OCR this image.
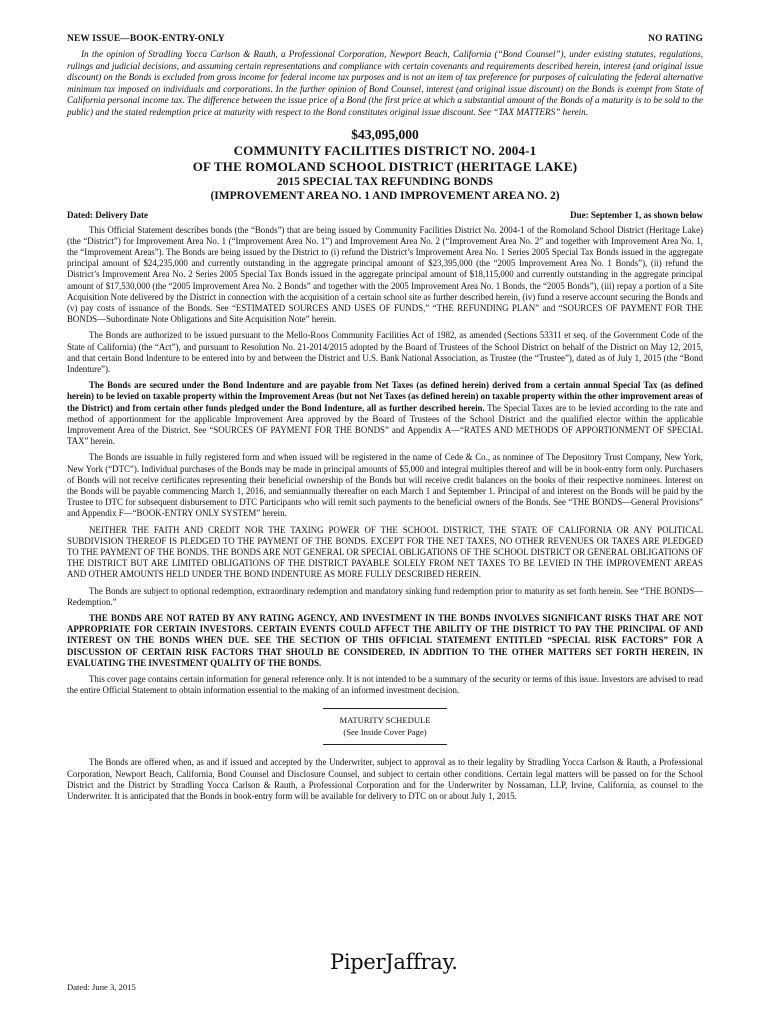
NEW ISSUE—BOOK-ENTRY-ONLY	NO RATING
In the opinion of Stradling Yocca Carlson & Rauth, a Professional Corporation, Newport Beach, California (“Bond Counsel”), under existing statutes, regulations, rulings and judicial decisions, and assuming certain representations and compliance with certain covenants and requirements described herein, interest (and original issue discount) on the Bonds is excluded from gross income for federal income tax purposes and is not an item of tax preference for purposes of calculating the federal alternative minimum tax imposed on individuals and corporations. In the further opinion of Bond Counsel, interest (and original issue discount) on the Bonds is exempt from State of California personal income tax. The difference between the issue price of a Bond (the first price at which a substantial amount of the Bonds of a maturity is to be sold to the public) and the stated redemption price at maturity with respect to the Bond constitutes original issue discount. See “TAX MATTERS” herein.
$43,095,000
COMMUNITY FACILITIES DISTRICT NO. 2004-1
OF THE ROMOLAND SCHOOL DISTRICT (HERITAGE LAKE)
2015 SPECIAL TAX REFUNDING BONDS
(IMPROVEMENT AREA NO. 1 AND IMPROVEMENT AREA NO. 2)
Dated: Delivery Date	Due: September 1, as shown below

This Official Statement describes bonds (the “Bonds”) that are being issued by Community Facilities District No. 2004-1 of the Romoland School District (Heritage Lake) (the “District”) for Improvement Area No. 1 (“Improvement Area No. 1”) and Improvement Area No. 2 (“Improvement Area No. 2” and together with Improvement Area No. 1, the “Improvement Areas”). The Bonds are being issued by the District to (i) refund the District’s Improvement Area No. 1 Series 2005 Special Tax Bonds issued in the aggregate principal amount of $24,235,000 and currently outstanding in the aggregate principal amount of $23,395,000 (the “2005 Improvement Area No. 1 Bonds”), (ii) refund the District’s Improvement Area No. 2 Series 2005 Special Tax Bonds issued in the aggregate principal amount of $18,115,000 and currently outstanding in the aggregate principal amount of $17,530,000 (the “2005 Improvement Area No. 2 Bonds” and together with the 2005 Improvement Area No. 1 Bonds, the “2005 Bonds”), (iii) repay a portion of a Site Acquisition Note delivered by the District in connection with the acquisition of a certain school site as further described herein, (iv) fund a reserve account securing the Bonds and (v) pay costs of issuance of the Bonds. See “ESTIMATED SOURCES AND USES OF FUNDS,” “THE REFUNDING PLAN” and “SOURCES OF PAYMENT FOR THE BONDS—Subordinate Note Obligations and Site Acquisition Note” herein.

The Bonds are authorized to be issued pursuant to the Mello-Roos Community Facilities Act of 1982, as amended (Sections 53311 et seq. of the Government Code of the State of California) (the “Act”), and pursuant to Resolution No. 21-2014/2015 adopted by the Board of Trustees of the School District on behalf of the District on May 12, 2015, and that certain Bond Indenture to be entered into by and between the District and U.S. Bank National Association, as Trustee (the “Trustee”), dated as of July 1, 2015 (the “Bond Indenture”).

The Bonds are secured under the Bond Indenture and are payable from Net Taxes (as defined herein) derived from a certain annual Special Tax (as defined herein) to be levied on taxable property within the Improvement Areas (but not Net Taxes (as defined herein) on taxable property within the other improvement areas of the District) and from certain other funds pledged under the Bond Indenture, all as further described herein. The Special Taxes are to be levied according to the rate and method of apportionment for the applicable Improvement Area approved by the Board of Trustees of the School District and the qualified elector within the applicable Improvement Area of the District. See “SOURCES OF PAYMENT FOR THE BONDS” and Appendix A—“RATES AND METHODS OF APPORTIONMENT OF SPECIAL TAX” herein.

The Bonds are issuable in fully registered form and when issued will be registered in the name of Cede & Co., as nominee of The Depository Trust Company, New York, New York (“DTC”). Individual purchases of the Bonds may be made in principal amounts of $5,000 and integral multiples thereof and will be in book-entry form only. Purchasers of Bonds will not receive certificates representing their beneficial ownership of the Bonds but will receive credit balances on the books of their respective nominees. Interest on the Bonds will be payable commencing March 1, 2016, and semiannually thereafter on each March 1 and September 1. Principal of and interest on the Bonds will be paid by the Trustee to DTC for subsequent disbursement to DTC Participants who will remit such payments to the beneficial owners of the Bonds. See “THE BONDS—General Provisions” and Appendix F—“BOOK-ENTRY ONLY SYSTEM” herein.

NEITHER THE FAITH AND CREDIT NOR THE TAXING POWER OF THE SCHOOL DISTRICT, THE STATE OF CALIFORNIA OR ANY POLITICAL SUBDIVISION THEREOF IS PLEDGED TO THE PAYMENT OF THE BONDS. EXCEPT FOR THE NET TAXES, NO OTHER REVENUES OR TAXES ARE PLEDGED TO THE PAYMENT OF THE BONDS. THE BONDS ARE NOT GENERAL OR SPECIAL OBLIGATIONS OF THE SCHOOL DISTRICT OR GENERAL OBLIGATIONS OF THE DISTRICT BUT ARE LIMITED OBLIGATIONS OF THE DISTRICT PAYABLE SOLELY FROM NET TAXES TO BE LEVIED IN THE IMPROVEMENT AREAS AND OTHER AMOUNTS HELD UNDER THE BOND INDENTURE AS MORE FULLY DESCRIBED HEREIN.

The Bonds are subject to optional redemption, extraordinary redemption and mandatory sinking fund redemption prior to maturity as set forth herein. See “THE BONDS—Redemption.”

THE BONDS ARE NOT RATED BY ANY RATING AGENCY, AND INVESTMENT IN THE BONDS INVOLVES SIGNIFICANT RISKS THAT ARE NOT APPROPRIATE FOR CERTAIN INVESTORS. CERTAIN EVENTS COULD AFFECT THE ABILITY OF THE DISTRICT TO PAY THE PRINCIPAL OF AND INTEREST ON THE BONDS WHEN DUE. SEE THE SECTION OF THIS OFFICIAL STATEMENT ENTITLED “SPECIAL RISK FACTORS” FOR A DISCUSSION OF CERTAIN RISK FACTORS THAT SHOULD BE CONSIDERED, IN ADDITION TO THE OTHER MATTERS SET FORTH HEREIN, IN EVALUATING THE INVESTMENT QUALITY OF THE BONDS.

This cover page contains certain information for general reference only. It is not intended to be a summary of the security or terms of this issue. Investors are advised to read the entire Official Statement to obtain information essential to the making of an informed investment decision.

MATURITY SCHEDULE
(See Inside Cover Page)

The Bonds are offered when, as and if issued and accepted by the Underwriter, subject to approval as to their legality by Stradling Yocca Carlson & Rauth, a Professional Corporation, Newport Beach, California, Bond Counsel and Disclosure Counsel, and subject to certain other conditions. Certain legal matters will be passed on for the School District and the District by Stradling Yocca Carlson & Rauth, a Professional Corporation and for the Underwriter by Nossaman, LLP, Irvine, California, as counsel to the Underwriter. It is anticipated that the Bonds in book-entry form will be available for delivery to DTC on or about July 1, 2015.

PiperJaffray.
Dated: June 3, 2015
